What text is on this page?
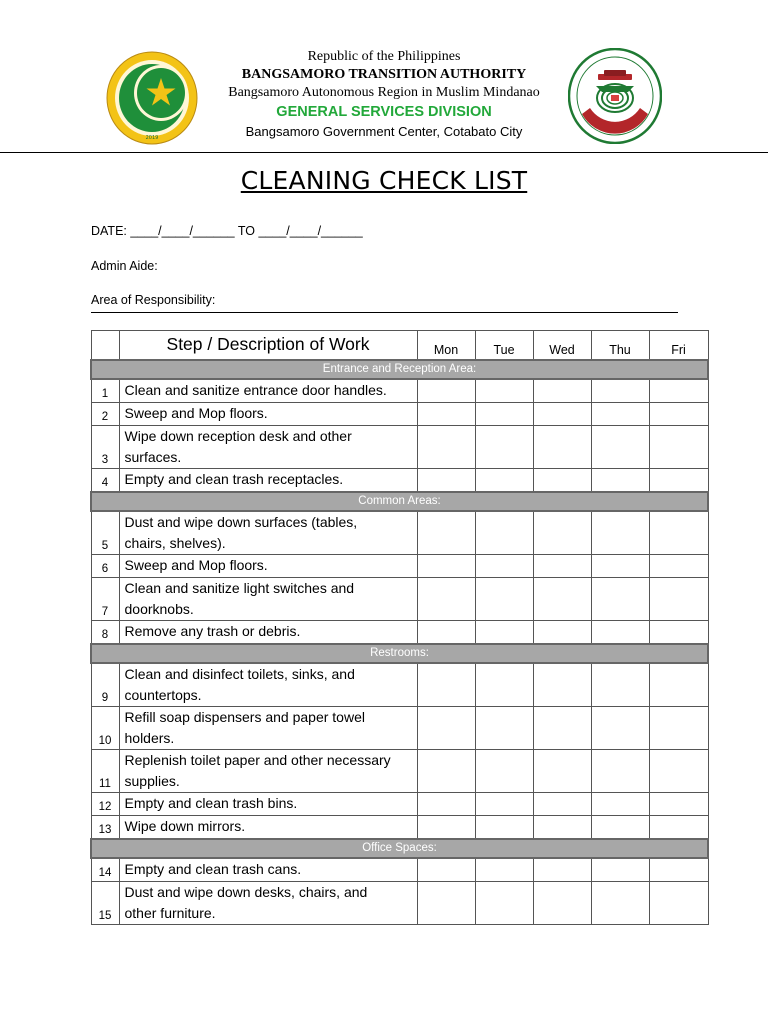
2019
Republic of the Philippines
BANGSAMORO TRANSITION AUTHORITY
Bangsamoro Autonomous Region in Muslim Mindanao
GENERAL SERVICES DIVISION
Bangsamoro Government Center, Cotabato City
CLEANING CHECK LIST
DATE: ____/____/______ TO ____/____/______
Admin Aide:
Area of Responsibility:
	Step / Description of Work	Mon	Tue	Wed	Thu	Fri
Entrance and Reception Area:						
1	Clean and sanitize entrance door handles.					

2	Sweep and Mop floors.					

3	Wipe down reception desk and other
surfaces.					

4	Empty and clean trash receptacles.					

Common Areas:						
5	Dust and wipe down surfaces (tables,
chairs, shelves).					

6	Sweep and Mop floors.					

7	Clean and sanitize light switches and
doorknobs.					

8	Remove any trash or debris.					

Restrooms:						
9	Clean and disinfect toilets, sinks, and
countertops.					

10	Refill soap dispensers and paper towel
holders.					

11	Replenish toilet paper and other necessary
supplies.					

12	Empty and clean trash bins.					

13	Wipe down mirrors.					

Office Spaces:						
14	Empty and clean trash cans.					

15	Dust and wipe down desks, chairs, and
other furniture.					
